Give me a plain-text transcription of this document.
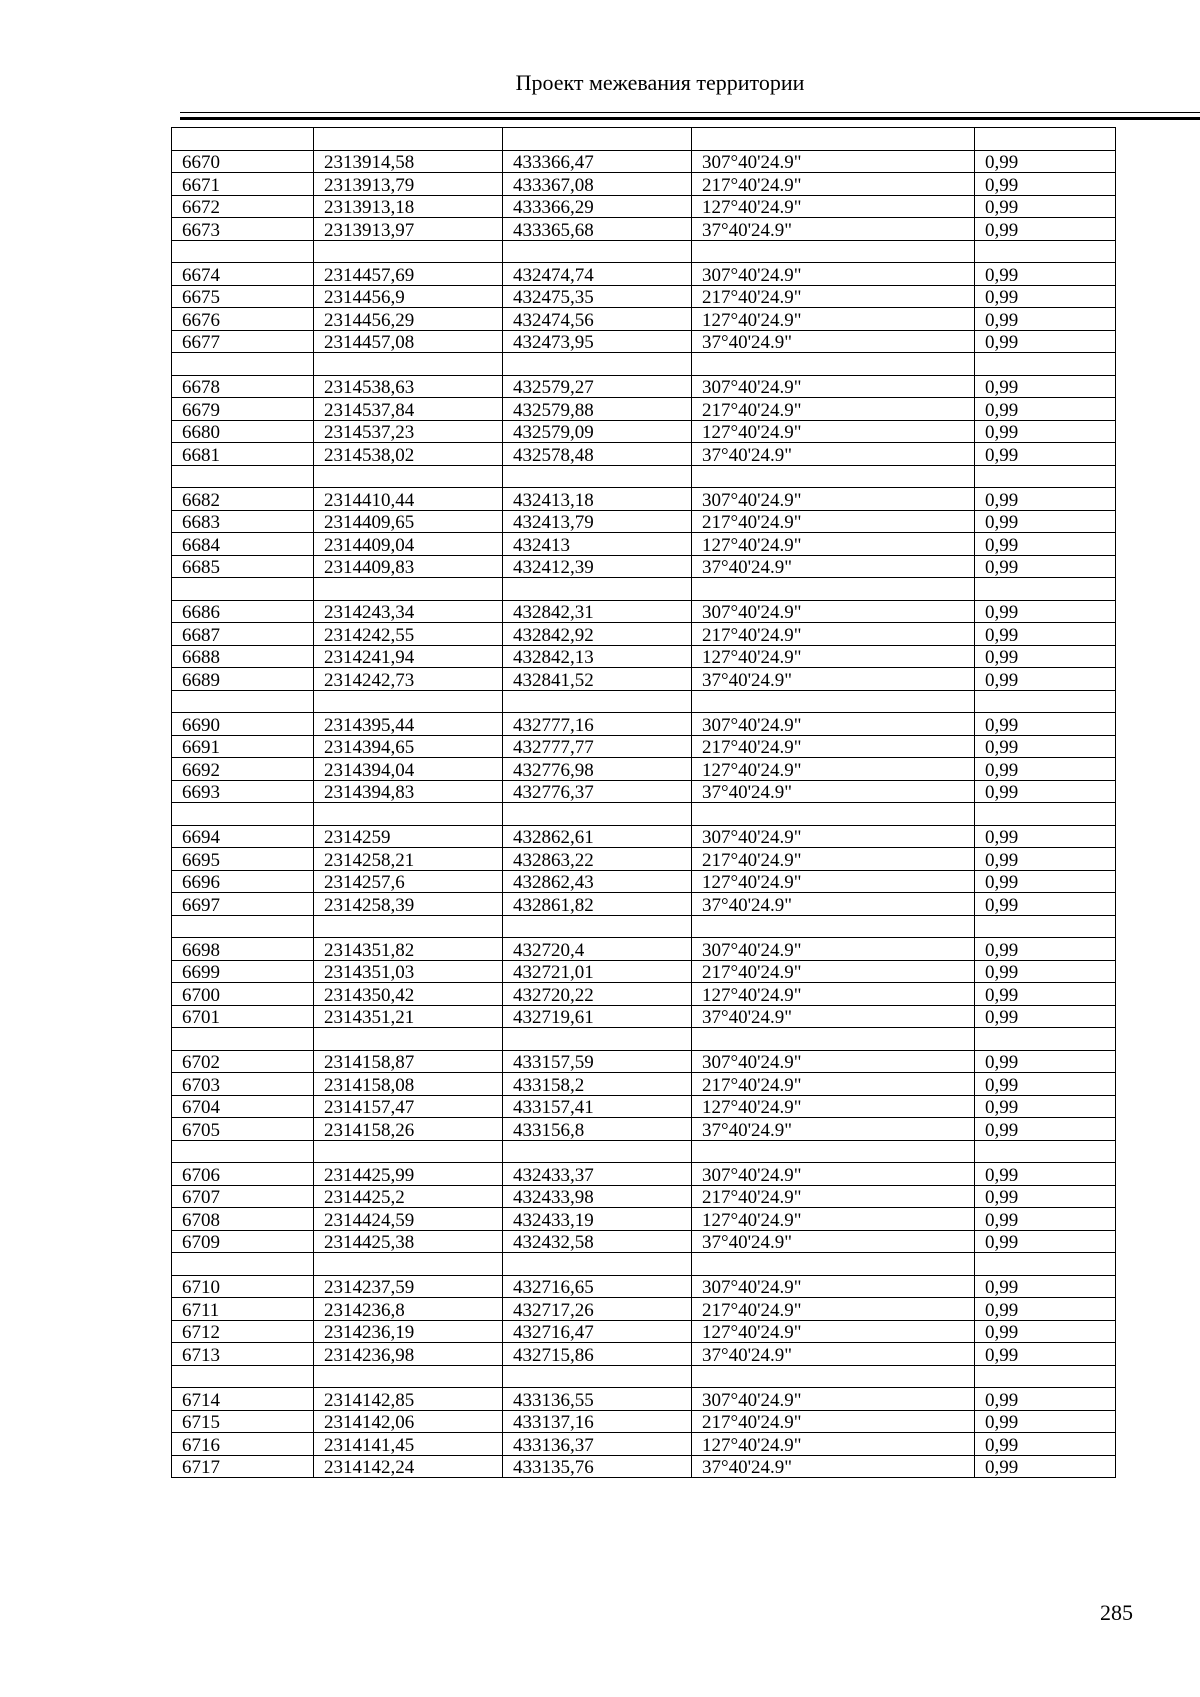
Проект межевания территории

6670	2313914,58	433366,47	307°40'24.9"	0,99
6671	2313913,79	433367,08	217°40'24.9"	0,99
6672	2313913,18	433366,29	127°40'24.9"	0,99
6673	2313913,97	433365,68	37°40'24.9"	0,99

6674	2314457,69	432474,74	307°40'24.9"	0,99
6675	2314456,9	432475,35	217°40'24.9"	0,99
6676	2314456,29	432474,56	127°40'24.9"	0,99
6677	2314457,08	432473,95	37°40'24.9"	0,99

6678	2314538,63	432579,27	307°40'24.9"	0,99
6679	2314537,84	432579,88	217°40'24.9"	0,99
6680	2314537,23	432579,09	127°40'24.9"	0,99
6681	2314538,02	432578,48	37°40'24.9"	0,99

6682	2314410,44	432413,18	307°40'24.9"	0,99
6683	2314409,65	432413,79	217°40'24.9"	0,99
6684	2314409,04	432413	127°40'24.9"	0,99
6685	2314409,83	432412,39	37°40'24.9"	0,99

6686	2314243,34	432842,31	307°40'24.9"	0,99
6687	2314242,55	432842,92	217°40'24.9"	0,99
6688	2314241,94	432842,13	127°40'24.9"	0,99
6689	2314242,73	432841,52	37°40'24.9"	0,99

6690	2314395,44	432777,16	307°40'24.9"	0,99
6691	2314394,65	432777,77	217°40'24.9"	0,99
6692	2314394,04	432776,98	127°40'24.9"	0,99
6693	2314394,83	432776,37	37°40'24.9"	0,99

6694	2314259	432862,61	307°40'24.9"	0,99
6695	2314258,21	432863,22	217°40'24.9"	0,99
6696	2314257,6	432862,43	127°40'24.9"	0,99
6697	2314258,39	432861,82	37°40'24.9"	0,99

6698	2314351,82	432720,4	307°40'24.9"	0,99
6699	2314351,03	432721,01	217°40'24.9"	0,99
6700	2314350,42	432720,22	127°40'24.9"	0,99
6701	2314351,21	432719,61	37°40'24.9"	0,99

6702	2314158,87	433157,59	307°40'24.9"	0,99
6703	2314158,08	433158,2	217°40'24.9"	0,99
6704	2314157,47	433157,41	127°40'24.9"	0,99
6705	2314158,26	433156,8	37°40'24.9"	0,99

6706	2314425,99	432433,37	307°40'24.9"	0,99
6707	2314425,2	432433,98	217°40'24.9"	0,99
6708	2314424,59	432433,19	127°40'24.9"	0,99
6709	2314425,38	432432,58	37°40'24.9"	0,99

6710	2314237,59	432716,65	307°40'24.9"	0,99
6711	2314236,8	432717,26	217°40'24.9"	0,99
6712	2314236,19	432716,47	127°40'24.9"	0,99
6713	2314236,98	432715,86	37°40'24.9"	0,99

6714	2314142,85	433136,55	307°40'24.9"	0,99
6715	2314142,06	433137,16	217°40'24.9"	0,99
6716	2314141,45	433136,37	127°40'24.9"	0,99
6717	2314142,24	433135,76	37°40'24.9"	0,99
285
